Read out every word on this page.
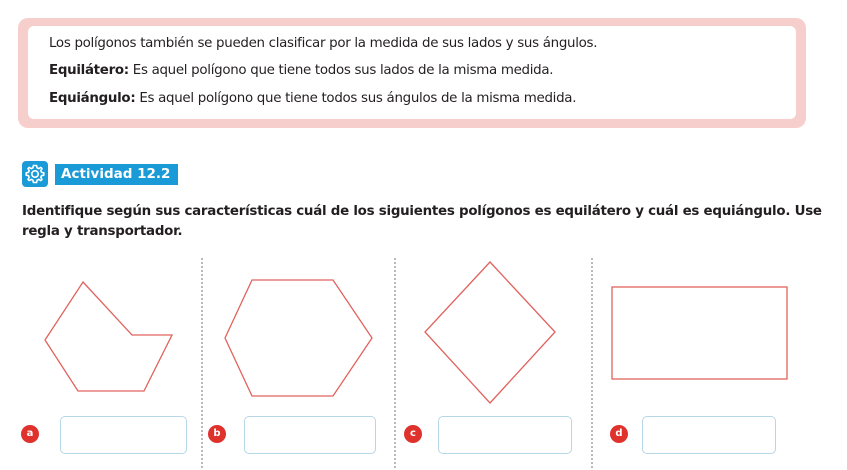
Los polígonos también se pueden clasificar por la medida de sus lados y sus ángulos.
Equilátero: Es aquel polígono que tiene todos sus lados de la misma medida.
Equiángulo: Es aquel polígono que tiene todos sus ángulos de la misma medida.
Actividad 12.2
Identifique según sus características cuál de los siguientes polígonos es equilátero y cuál es equiángulo. Use regla y transportador.
a	b	c	d
